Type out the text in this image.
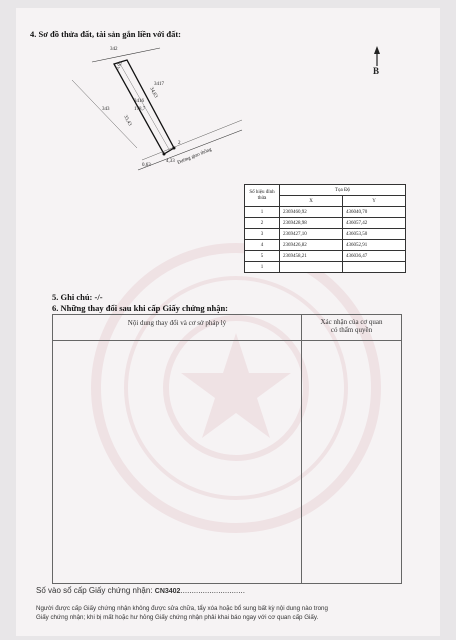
4. Sơ đồ thửa đất, tài sản gắn liền với đất:
B
342
343
3417
3416
178,7
2
5,03
34,63
35,43
4,33
0,63	Đường giao thông
Số hiệu đỉnh thửa	Tọa Độ	
	X	Y
1	2369460,92	436040,70
2	2369428,98	436057,42
3	2369427,10	436053,50
4	2369426,82	436052,91
5	2369458,21	436036,47
1		
5. Ghi chú: -/-
6. Những thay đổi sau khi cấp Giấy chứng nhận:
Nội dung thay đổi và cơ sở pháp lý	Xác nhận của cơ quan
có thẩm quyền

Số vào sổ cấp Giấy chứng nhận: CN3402.............................
Người được cấp Giấy chứng nhận không được sửa chữa, tẩy xóa hoặc bổ sung bất kỳ nội dung nào trong
Giấy chứng nhận; khi bị mất hoặc hư hỏng Giấy chứng nhận phải khai báo ngay với cơ quan cấp Giấy.
